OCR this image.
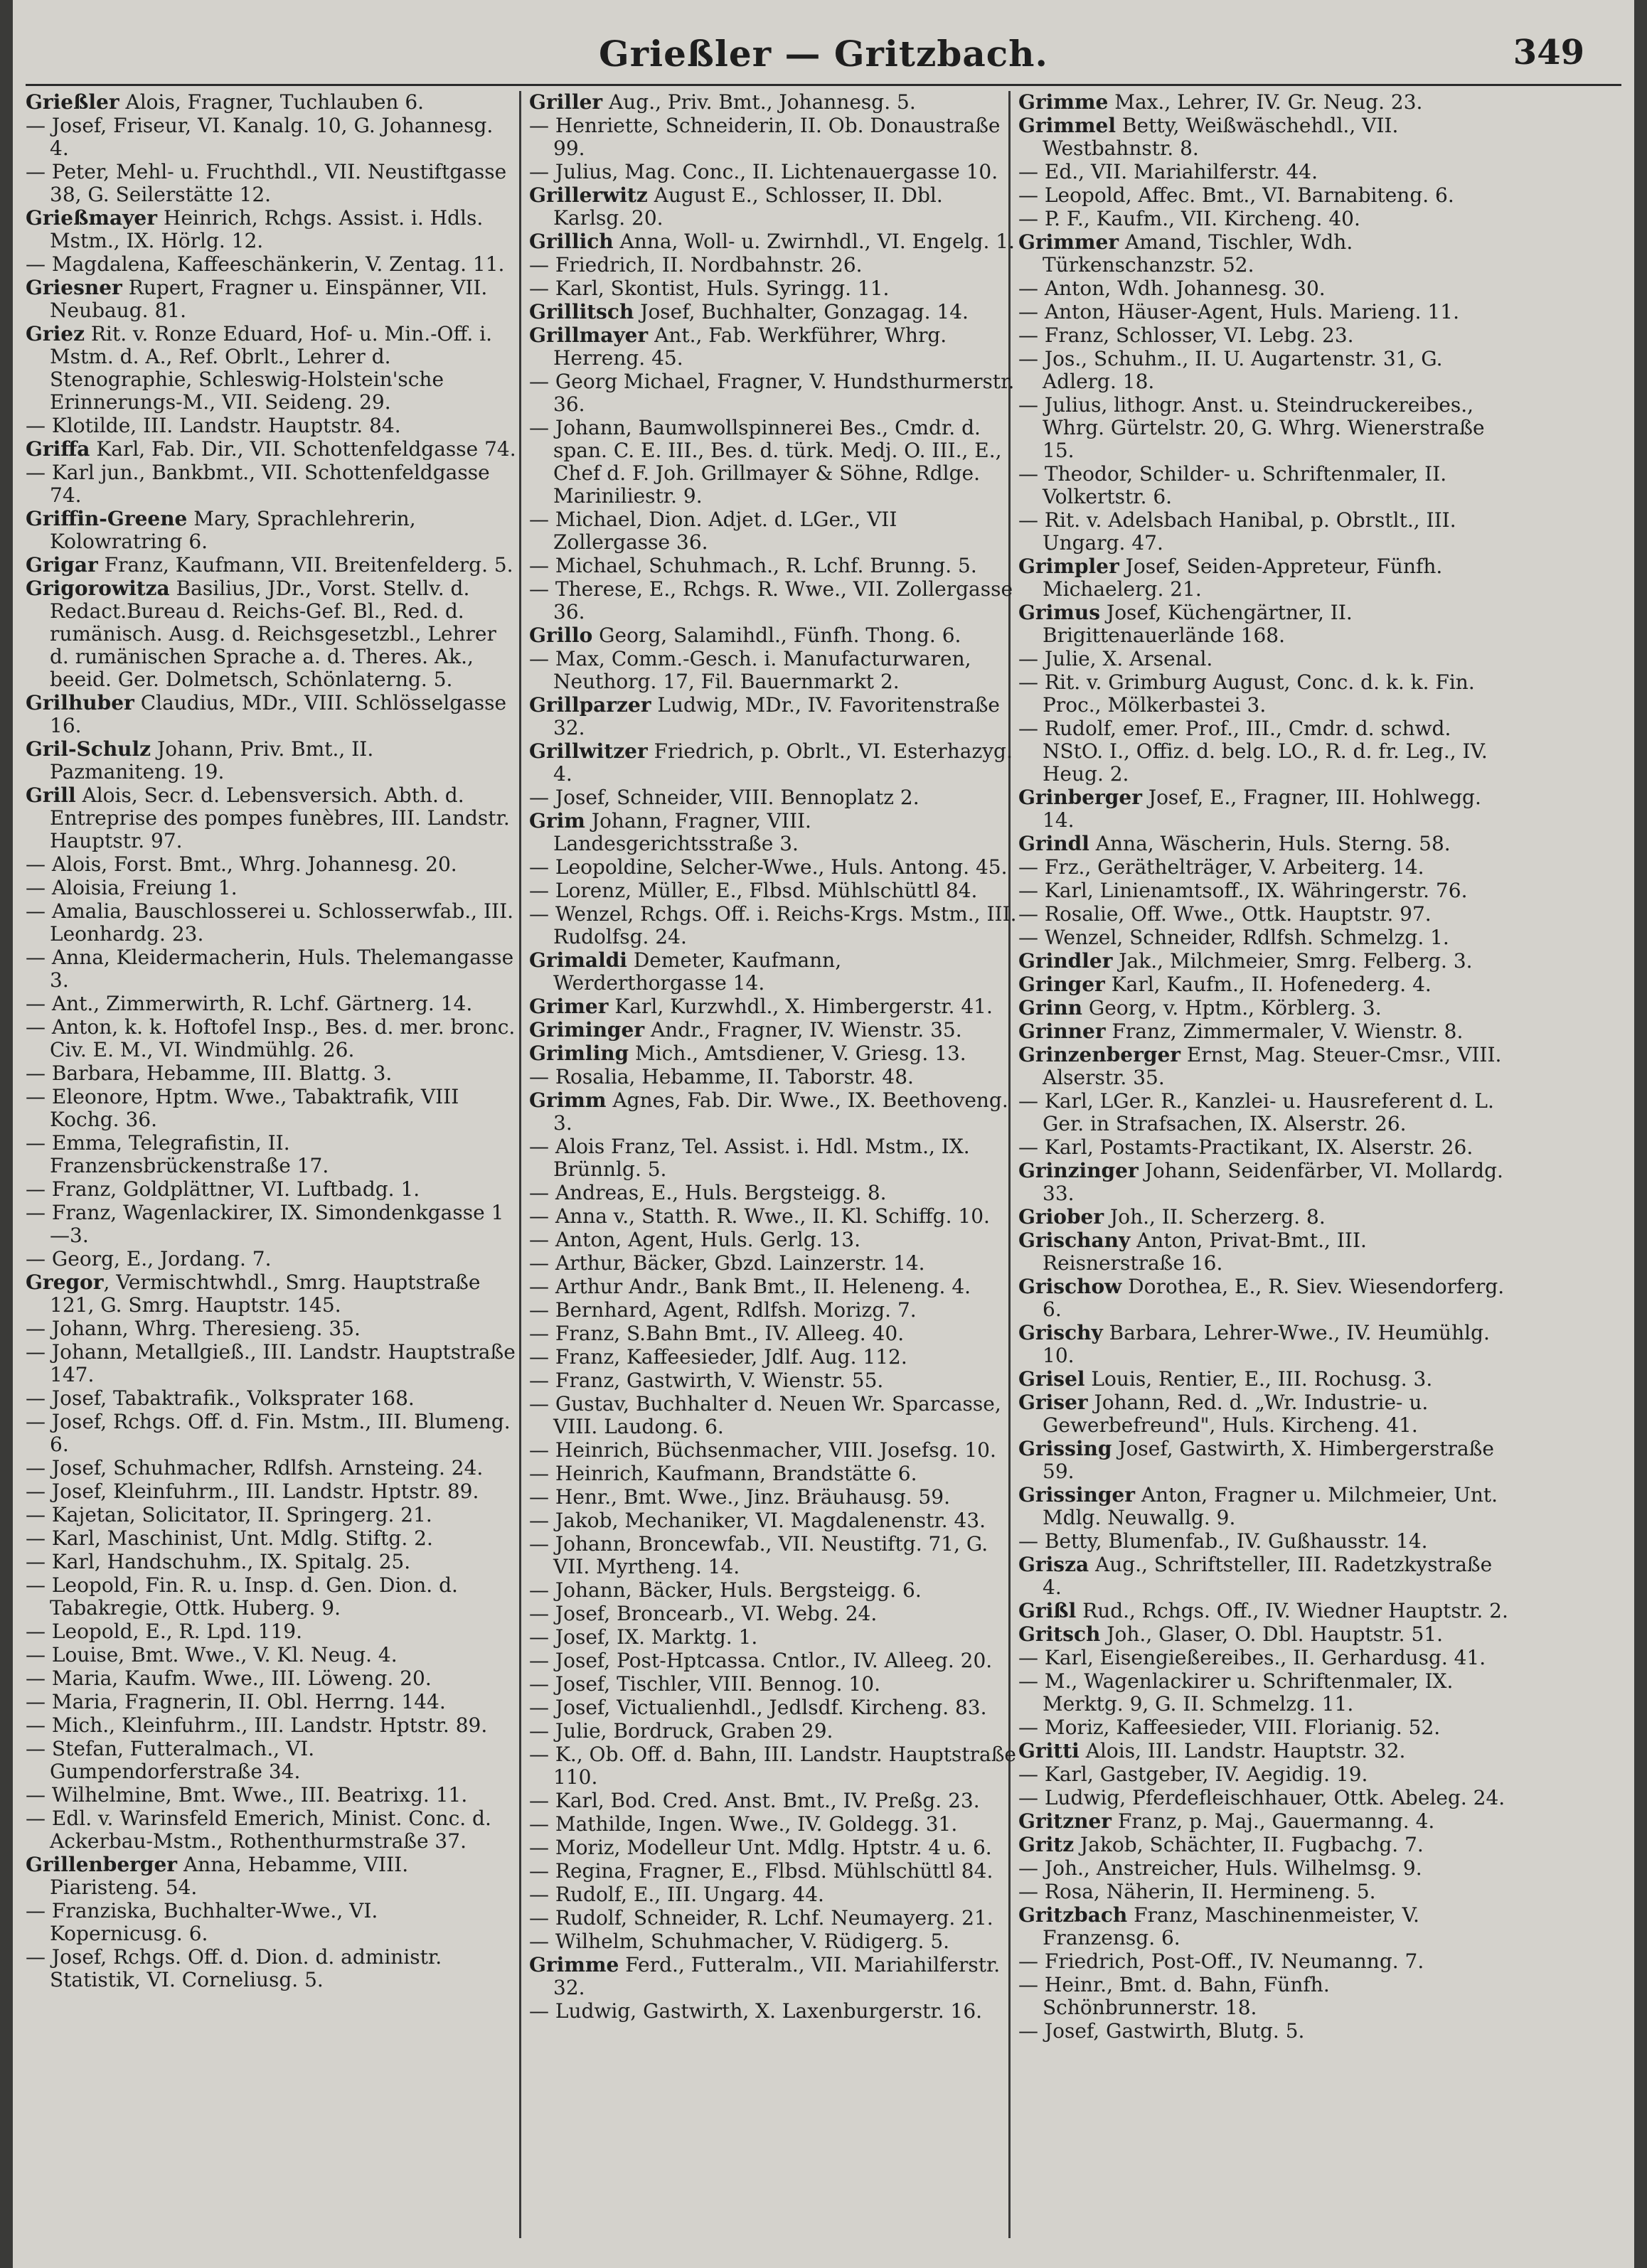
Grießler — Gritzbach.	349
Grießler Alois, Fragner, Tuchlauben 6.
— Josef, Friseur, VI. Kanalg. 10, G. Johannesg. 4.
— Peter, Mehl- u. Fruchthdl., VII. Neustiftgasse 38, G. Seilerstätte 12.
Grießmayer Heinrich, Rchgs. Assist. i. Hdls. Mstm., IX. Hörlg. 12.
— Magdalena, Kaffeeschänkerin, V. Zentag. 11.
Griesner Rupert, Fragner u. Einspänner, VII. Neubaug. 81.
Griez Rit. v. Ronze Eduard, Hof- u. Min.-Off. i. Mstm. d. A., Ref. Obrlt., Lehrer d. Stenographie, Schleswig-Holstein'sche Erinnerungs-M., VII. Seideng. 29.
— Klotilde, III. Landstr. Hauptstr. 84.
Griffa Karl, Fab. Dir., VII. Schottenfeldgasse 74.
— Karl jun., Bankbmt., VII. Schottenfeldgasse 74.
Griffin-Greene Mary, Sprachlehrerin, Kolowratring 6.
Grigar Franz, Kaufmann, VII. Breitenfelderg. 5.
Grigorowitza Basilius, JDr., Vorst. Stellv. d. Redact.Bureau d. Reichs-Gef. Bl., Red. d. rumänisch. Ausg. d. Reichsgesetzbl., Lehrer d. rumänischen Sprache a. d. Theres. Ak., beeid. Ger. Dolmetsch, Schönlaterng. 5.
Grilhuber Claudius, MDr., VIII. Schlösselgasse 16.
Gril-Schulz Johann, Priv. Bmt., II. Pazmaniteng. 19.
Grill Alois, Secr. d. Lebensversich. Abth. d. Entreprise des pompes funèbres, III. Landstr. Hauptstr. 97.
— Alois, Forst. Bmt., Whrg. Johannesg. 20.
— Aloisia, Freiung 1.
— Amalia, Bauschlosserei u. Schlosserwfab., III. Leonhardg. 23.
— Anna, Kleidermacherin, Huls. Thelemangasse 3.
— Ant., Zimmerwirth, R. Lchf. Gärtnerg. 14.
— Anton, k. k. Hoftofel Insp., Bes. d. mer. bronc. Civ. E. M., VI. Windmühlg. 26.
— Barbara, Hebamme, III. Blattg. 3.
— Eleonore, Hptm. Wwe., Tabaktrafik, VIII Kochg. 36.
— Emma, Telegrafistin, II. Franzensbrückenstraße 17.
— Franz, Goldplättner, VI. Luftbadg. 1.
— Franz, Wagenlackirer, IX. Simondenkgasse 1—3.
— Georg, E., Jordang. 7.
Gregor, Vermischtwhdl., Smrg. Hauptstraße 121, G. Smrg. Hauptstr. 145.
— Johann, Whrg. Theresieng. 35.
— Johann, Metallgieß., III. Landstr. Hauptstraße 147.
— Josef, Tabaktrafik., Volksprater 168.
— Josef, Rchgs. Off. d. Fin. Mstm., III. Blumeng. 6.
— Josef, Schuhmacher, Rdlfsh. Arnsteing. 24.
— Josef, Kleinfuhrm., III. Landstr. Hptstr. 89.
— Kajetan, Solicitator, II. Springerg. 21.
— Karl, Maschinist, Unt. Mdlg. Stiftg. 2.
— Karl, Handschuhm., IX. Spitalg. 25.
— Leopold, Fin. R. u. Insp. d. Gen. Dion. d. Tabakregie, Ottk. Huberg. 9.
— Leopold, E., R. Lpd. 119.
— Louise, Bmt. Wwe., V. Kl. Neug. 4.
— Maria, Kaufm. Wwe., III. Löweng. 20.
— Maria, Fragnerin, II. Obl. Herrng. 144.
— Mich., Kleinfuhrm., III. Landstr. Hptstr. 89.
— Stefan, Futteralmach., VI. Gumpendorferstraße 34.
— Wilhelmine, Bmt. Wwe., III. Beatrixg. 11.
— Edl. v. Warinsfeld Emerich, Minist. Conc. d. Ackerbau-Mstm., Rothenthurmstraße 37.
Grillenberger Anna, Hebamme, VIII. Piaristeng. 54.
— Franziska, Buchhalter-Wwe., VI. Kopernicusg. 6.
— Josef, Rchgs. Off. d. Dion. d. administr. Statistik, VI. Corneliusg. 5.
Griller Aug., Priv. Bmt., Johannesg. 5.
— Henriette, Schneiderin, II. Ob. Donaustraße 99.
— Julius, Mag. Conc., II. Lichtenauergasse 10.
Grillerwitz August E., Schlosser, II. Dbl. Karlsg. 20.
Grillich Anna, Woll- u. Zwirnhdl., VI. Engelg. 1.
— Friedrich, II. Nordbahnstr. 26.
— Karl, Skontist, Huls. Syringg. 11.
Grillitsch Josef, Buchhalter, Gonzagag. 14.
Grillmayer Ant., Fab. Werkführer, Whrg. Herreng. 45.
— Georg Michael, Fragner, V. Hundsthurmerstr. 36.
— Johann, Baumwollspinnerei Bes., Cmdr. d. span. C. E. III., Bes. d. türk. Medj. O. III., E., Chef d. F. Joh. Grillmayer & Söhne, Rdlge. Mariniliestr. 9.
— Michael, Dion. Adjet. d. LGer., VII Zollergasse 36.
— Michael, Schuhmach., R. Lchf. Brunng. 5.
— Therese, E., Rchgs. R. Wwe., VII. Zollergasse 36.
Grillo Georg, Salamihdl., Fünfh. Thong. 6.
— Max, Comm.-Gesch. i. Manufacturwaren, Neuthorg. 17, Fil. Bauernmarkt 2.
Grillparzer Ludwig, MDr., IV. Favoritenstraße 32.
Grillwitzer Friedrich, p. Obrlt., VI. Esterhazyg. 4.
— Josef, Schneider, VIII. Bennoplatz 2.
Grim Johann, Fragner, VIII. Landesgerichtsstraße 3.
— Leopoldine, Selcher-Wwe., Huls. Antong. 45.
— Lorenz, Müller, E., Flbsd. Mühlschüttl 84.
— Wenzel, Rchgs. Off. i. Reichs-Krgs. Mstm., III. Rudolfsg. 24.
Grimaldi Demeter, Kaufmann, Werderthorgasse 14.
Grimer Karl, Kurzwhdl., X. Himbergerstr. 41.
Griminger Andr., Fragner, IV. Wienstr. 35.
Grimling Mich., Amtsdiener, V. Griesg. 13.
— Rosalia, Hebamme, II. Taborstr. 48.
Grimm Agnes, Fab. Dir. Wwe., IX. Beethoveng. 3.
— Alois Franz, Tel. Assist. i. Hdl. Mstm., IX. Brünnlg. 5.
— Andreas, E., Huls. Bergsteigg. 8.
— Anna v., Statth. R. Wwe., II. Kl. Schiffg. 10.
— Anton, Agent, Huls. Gerlg. 13.
— Arthur, Bäcker, Gbzd. Lainzerstr. 14.
— Arthur Andr., Bank Bmt., II. Heleneng. 4.
— Bernhard, Agent, Rdlfsh. Morizg. 7.
— Franz, S.Bahn Bmt., IV. Alleeg. 40.
— Franz, Kaffeesieder, Jdlf. Aug. 112.
— Franz, Gastwirth, V. Wienstr. 55.
— Gustav, Buchhalter d. Neuen Wr. Sparcasse, VIII. Laudong. 6.
— Heinrich, Büchsenmacher, VIII. Josefsg. 10.
— Heinrich, Kaufmann, Brandstätte 6.
— Henr., Bmt. Wwe., Jinz. Bräuhausg. 59.
— Jakob, Mechaniker, VI. Magdalenenstr. 43.
— Johann, Broncewfab., VII. Neustiftg. 71, G. VII. Myrtheng. 14.
— Johann, Bäcker, Huls. Bergsteigg. 6.
— Josef, Broncearb., VI. Webg. 24.
— Josef, IX. Marktg. 1.
— Josef, Post-Hptcassa. Cntlor., IV. Alleeg. 20.
— Josef, Tischler, VIII. Bennog. 10.
— Josef, Victualienhdl., Jedlsdf. Kircheng. 83.
— Julie, Bordruck, Graben 29.
— K., Ob. Off. d. Bahn, III. Landstr. Hauptstraße 110.
— Karl, Bod. Cred. Anst. Bmt., IV. Preßg. 23.
— Mathilde, Ingen. Wwe., IV. Goldegg. 31.
— Moriz, Modelleur Unt. Mdlg. Hptstr. 4 u. 6.
— Regina, Fragner, E., Flbsd. Mühlschüttl 84.
— Rudolf, E., III. Ungarg. 44.
— Rudolf, Schneider, R. Lchf. Neumayerg. 21.
— Wilhelm, Schuhmacher, V. Rüdigerg. 5.
Grimme Ferd., Futteralm., VII. Mariahilferstr. 32.
— Ludwig, Gastwirth, X. Laxenburgerstr. 16.
Grimme Max., Lehrer, IV. Gr. Neug. 23.
Grimmel Betty, Weißwäschehdl., VII. Westbahnstr. 8.
— Ed., VII. Mariahilferstr. 44.
— Leopold, Affec. Bmt., VI. Barnabiteng. 6.
— P. F., Kaufm., VII. Kircheng. 40.
Grimmer Amand, Tischler, Wdh. Türkenschanzstr. 52.
— Anton, Wdh. Johannesg. 30.
— Anton, Häuser-Agent, Huls. Marieng. 11.
— Franz, Schlosser, VI. Lebg. 23.
— Jos., Schuhm., II. U. Augartenstr. 31, G. Adlerg. 18.
— Julius, lithogr. Anst. u. Steindruckereibes., Whrg. Gürtelstr. 20, G. Whrg. Wienerstraße 15.
— Theodor, Schilder- u. Schriftenmaler, II. Volkertstr. 6.
— Rit. v. Adelsbach Hanibal, p. Obrstlt., III. Ungarg. 47.
Grimpler Josef, Seiden-Appreteur, Fünfh. Michaelerg. 21.
Grimus Josef, Küchengärtner, II. Brigittenauerlände 168.
— Julie, X. Arsenal.
— Rit. v. Grimburg August, Conc. d. k. k. Fin. Proc., Mölkerbastei 3.
— Rudolf, emer. Prof., III., Cmdr. d. schwd. NStO. I., Offiz. d. belg. LO., R. d. fr. Leg., IV. Heug. 2.
Grinberger Josef, E., Fragner, III. Hohlwegg. 14.
Grindl Anna, Wäscherin, Huls. Sterng. 58.
— Frz., Geräthelträger, V. Arbeiterg. 14.
— Karl, Linienamtsoff., IX. Währingerstr. 76.
— Rosalie, Off. Wwe., Ottk. Hauptstr. 97.
— Wenzel, Schneider, Rdlfsh. Schmelzg. 1.
Grindler Jak., Milchmeier, Smrg. Felberg. 3.
Gringer Karl, Kaufm., II. Hofenederg. 4.
Grinn Georg, v. Hptm., Körblerg. 3.
Grinner Franz, Zimmermaler, V. Wienstr. 8.
Grinzenberger Ernst, Mag. Steuer-Cmsr., VIII. Alserstr. 35.
— Karl, LGer. R., Kanzlei- u. Hausreferent d. L. Ger. in Strafsachen, IX. Alserstr. 26.
— Karl, Postamts-Practikant, IX. Alserstr. 26.
Grinzinger Johann, Seidenfärber, VI. Mollardg. 33.
Griober Joh., II. Scherzerg. 8.
Grischany Anton, Privat-Bmt., III. Reisnerstraße 16.
Grischow Dorothea, E., R. Siev. Wiesendorferg. 6.
Grischy Barbara, Lehrer-Wwe., IV. Heumühlg. 10.
Grisel Louis, Rentier, E., III. Rochusg. 3.
Griser Johann, Red. d. „Wr. Industrie- u. Gewerbefreund", Huls. Kircheng. 41.
Grissing Josef, Gastwirth, X. Himbergerstraße 59.
Grissinger Anton, Fragner u. Milchmeier, Unt. Mdlg. Neuwallg. 9.
— Betty, Blumenfab., IV. Gußhausstr. 14.
Grisza Aug., Schriftsteller, III. Radetzkystraße 4.
Grißl Rud., Rchgs. Off., IV. Wiedner Hauptstr. 2.
Gritsch Joh., Glaser, O. Dbl. Hauptstr. 51.
— Karl, Eisengießereibes., II. Gerhardusg. 41.
— M., Wagenlackirer u. Schriftenmaler, IX. Merktg. 9, G. II. Schmelzg. 11.
— Moriz, Kaffeesieder, VIII. Florianig. 52.
Gritti Alois, III. Landstr. Hauptstr. 32.
— Karl, Gastgeber, IV. Aegidig. 19.
— Ludwig, Pferdefleischhauer, Ottk. Abeleg. 24.
Gritzner Franz, p. Maj., Gauermanng. 4.
Gritz Jakob, Schächter, II. Fugbachg. 7.
— Joh., Anstreicher, Huls. Wilhelmsg. 9.
— Rosa, Näherin, II. Hermineng. 5.
Gritzbach Franz, Maschinenmeister, V. Franzensg. 6.
— Friedrich, Post-Off., IV. Neumanng. 7.
— Heinr., Bmt. d. Bahn, Fünfh. Schönbrunnerstr. 18.
— Josef, Gastwirth, Blutg. 5.
